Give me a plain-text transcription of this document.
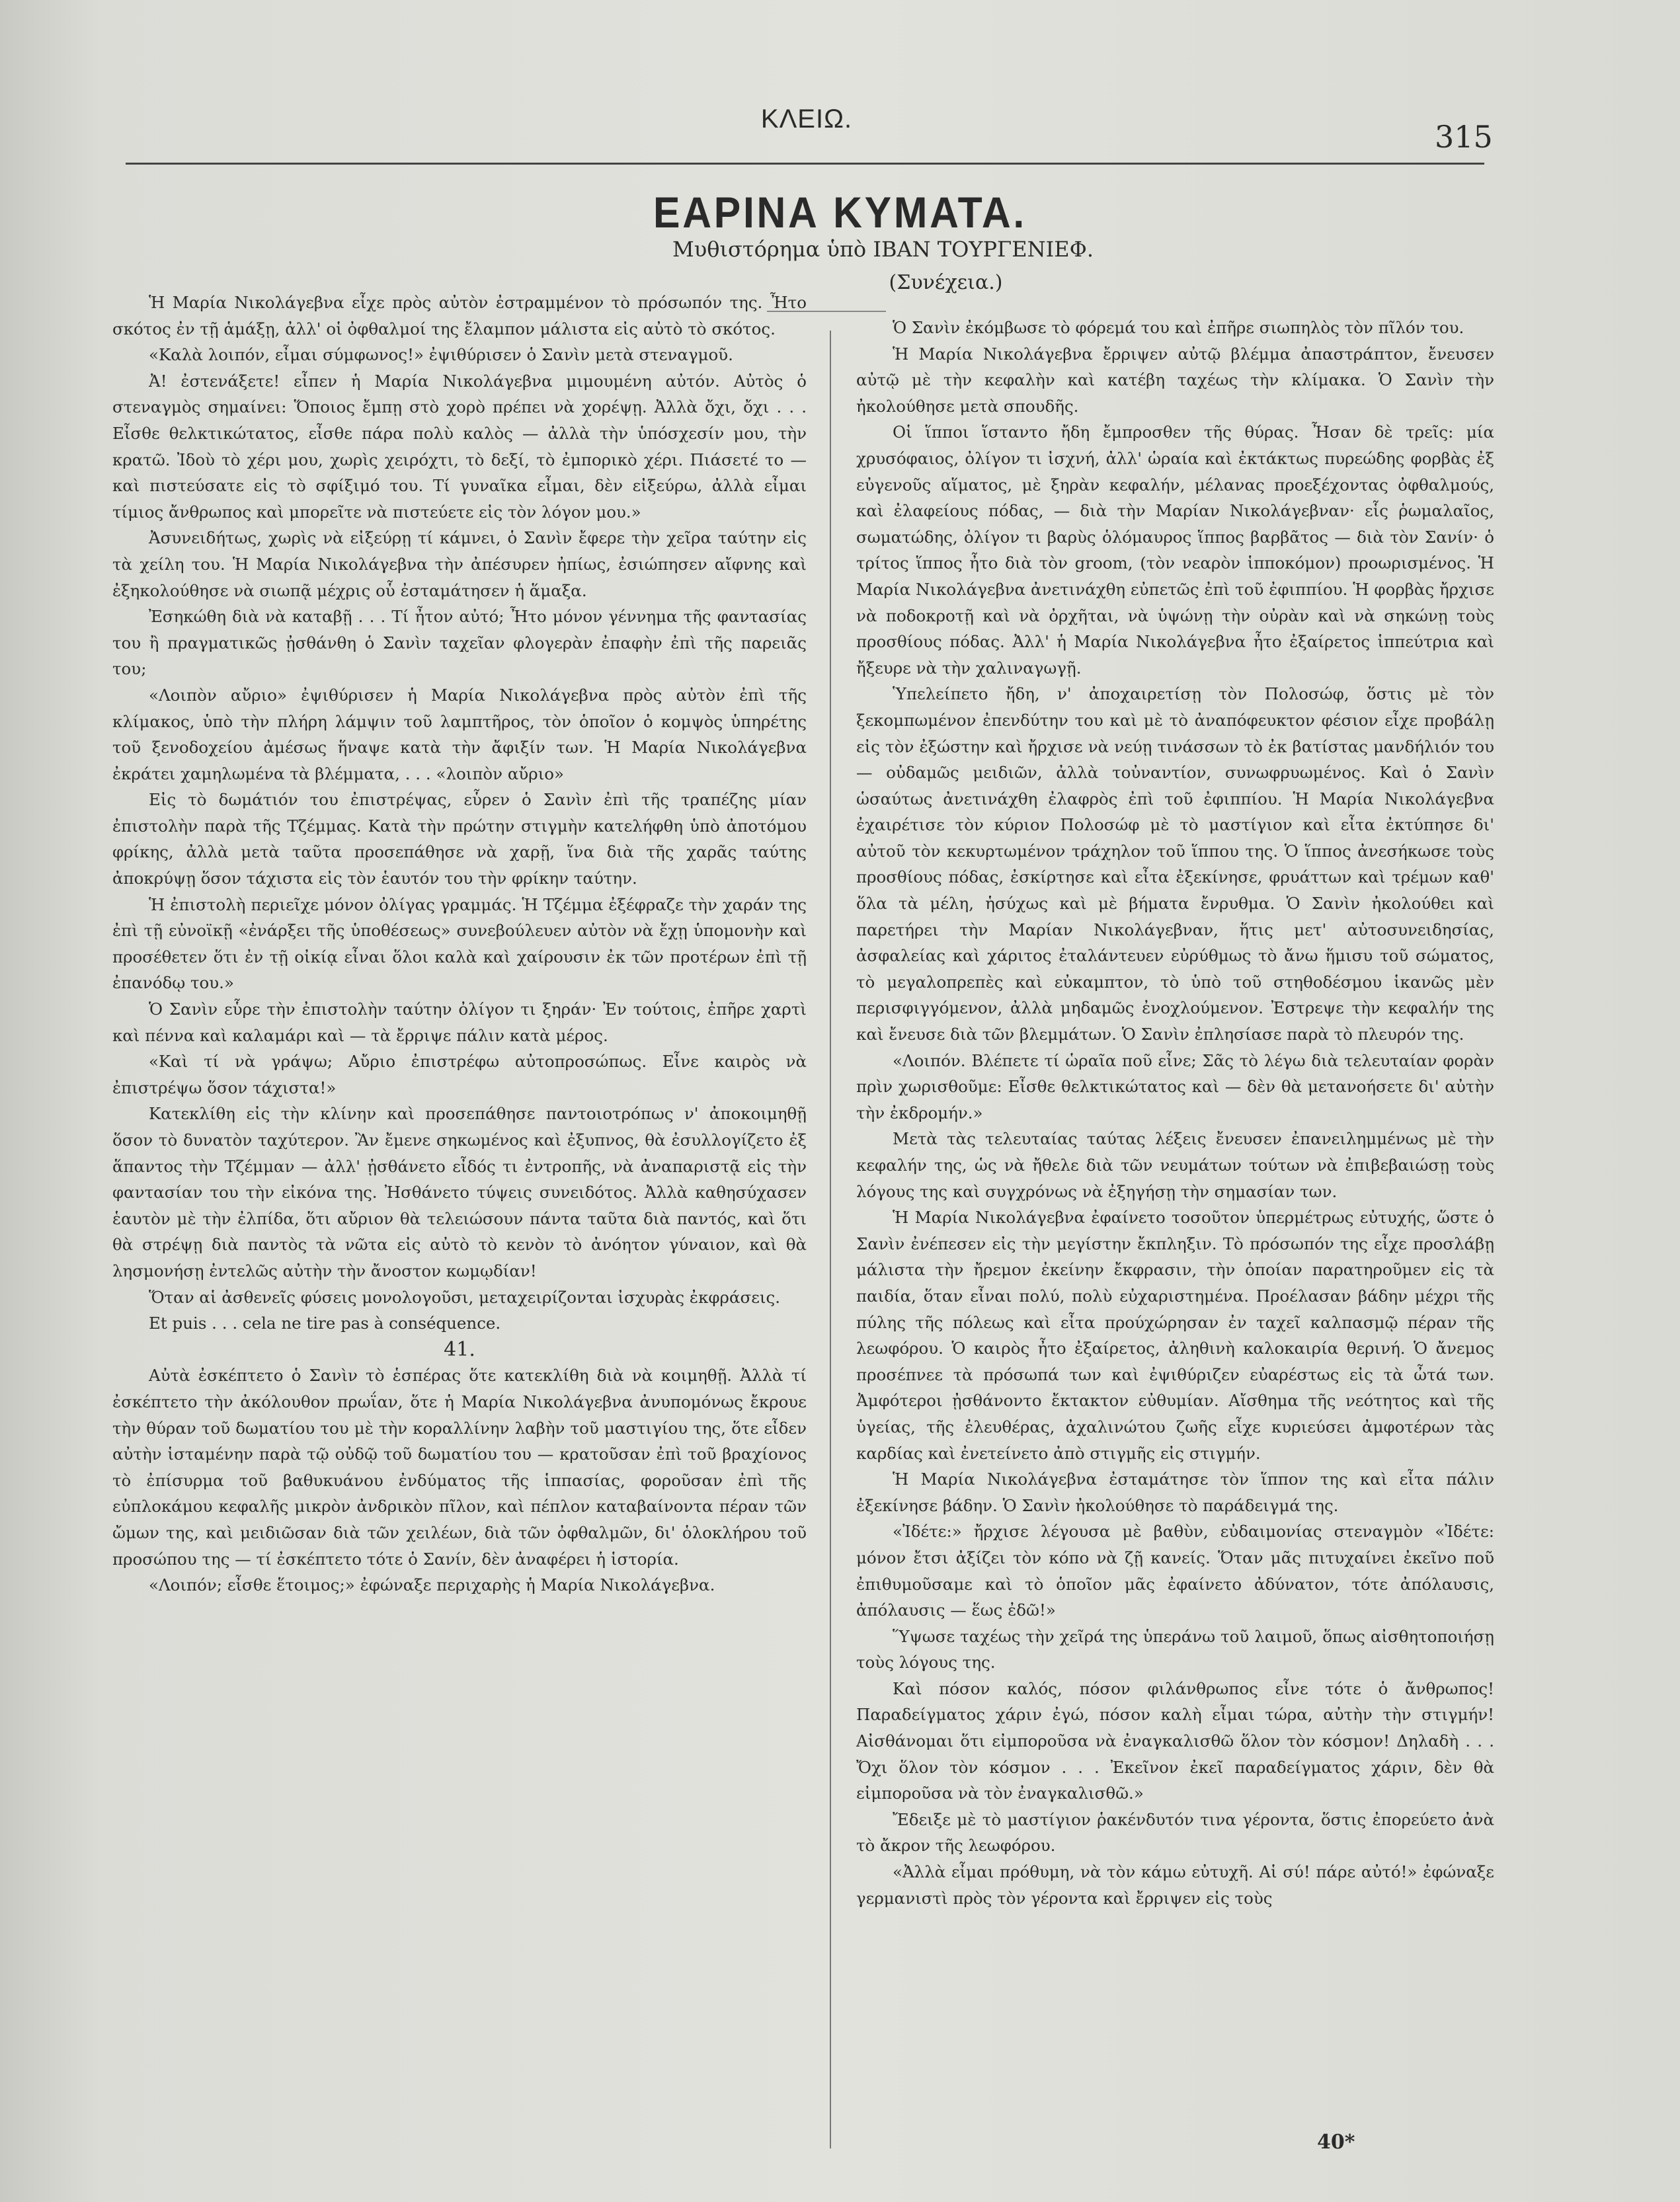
ΚΛΕΙΩ.	315
ΕΑΡΙΝΑ ΚΥΜΑΤΑ.
Μυθιστόρημα ὑπὸ ΙΒΑΝ ΤΟΥΡΓΕΝΙΕΦ.
(Συνέχεια.)

Ἡ Μαρία Νικολάγεβνα εἶχε πρὸς αὐτὸν ἐστραμμένον τὸ πρόσωπόν της. Ἦτο σκότος ἐν τῇ ἁμάξῃ, ἀλλ' οἱ ὀφθαλμοί της ἔλαμπον μάλιστα εἰς αὐτὸ τὸ σκότος.

«Καλὰ λοιπόν, εἶμαι σύμφωνος!» ἐψιθύρισεν ὁ Σανὶν μετὰ στεναγμοῦ.

Ἀ! ἐστενάξετε! εἶπεν ἡ Μαρία Νικολάγεβνα μιμουμένη αὐτόν. Αὐτὸς ὁ στεναγμὸς σημαίνει: Ὅποιος ἔμπῃ στὸ χορὸ πρέπει νὰ χορέψῃ. Ἀλλὰ ὄχι, ὄχι . . . Εἶσθε θελκτικώτατος, εἶσθε πάρα πολὺ καλὸς — ἀλλὰ τὴν ὑπόσχεσίν μου, τὴν κρατῶ. Ἰδοὺ τὸ χέρι μου, χωρὶς χειρόχτι, τὸ δεξί, τὸ ἐμπορικὸ χέρι. Πιάσετέ το — καὶ πιστεύσατε εἰς τὸ σφίξιμό του. Τί γυναῖκα εἶμαι, δὲν εἰξεύρω, ἀλλὰ εἶμαι τίμιος ἄνθρωπος καὶ μπορεῖτε νὰ πιστεύετε εἰς τὸν λόγον μου.»

Ἀσυνειδήτως, χωρὶς νὰ εἰξεύρῃ τί κάμνει, ὁ Σανὶν ἔφερε τὴν χεῖρα ταύτην εἰς τὰ χείλη του. Ἡ Μαρία Νικολάγεβνα τὴν ἀπέσυρεν ἠπίως, ἐσιώπησεν αἴφνης καὶ ἐξηκολούθησε νὰ σιωπᾷ μέχρις οὗ ἐσταμάτησεν ἡ ἅμαξα.

Ἐσηκώθη διὰ νὰ καταβῇ . . . Τί ἦτον αὐτό; Ἦτο μόνον γέννημα τῆς φαντασίας του ἢ πραγματικῶς ᾐσθάνθη ὁ Σανὶν ταχεῖαν φλογερὰν ἐπαφὴν ἐπὶ τῆς παρειᾶς του;

«Λοιπὸν αὔριο» ἐψιθύρισεν ἡ Μαρία Νικολάγεβνα πρὸς αὐτὸν ἐπὶ τῆς κλίμακος, ὑπὸ τὴν πλήρη λάμψιν τοῦ λαμπτῆρος, τὸν ὁποῖον ὁ κομψὸς ὑπηρέτης τοῦ ξενοδοχείου ἀμέσως ἥναψε κατὰ τὴν ἄφιξίν των. Ἡ Μαρία Νικολάγεβνα ἐκράτει χαμηλωμένα τὰ βλέμματα, . . . «λοιπὸν αὔριο»

Εἰς τὸ δωμάτιόν του ἐπιστρέψας, εὗρεν ὁ Σανὶν ἐπὶ τῆς τραπέζης μίαν ἐπιστολὴν παρὰ τῆς Τζέμμας. Κατὰ τὴν πρώτην στιγμὴν κατελήφθη ὑπὸ ἀποτόμου φρίκης, ἀλλὰ μετὰ ταῦτα προσεπάθησε νὰ χαρῇ, ἵνα διὰ τῆς χαρᾶς ταύτης ἀποκρύψῃ ὅσον τάχιστα εἰς τὸν ἑαυτόν του τὴν φρίκην ταύτην.

Ἡ ἐπιστολὴ περιεῖχε μόνον ὀλίγας γραμμάς. Ἡ Τζέμμα ἐξέφραζε τὴν χαράν της ἐπὶ τῇ εὐνοϊκῇ «ἐνάρξει τῆς ὑποθέσεως» συνεβούλευεν αὐτὸν νὰ ἔχῃ ὑπομονὴν καὶ προσέθετεν ὅτι ἐν τῇ οἰκίᾳ εἶναι ὅλοι καλὰ καὶ χαίρουσιν ἐκ τῶν προτέρων ἐπὶ τῇ ἐπανόδῳ του.»

Ὁ Σανὶν εὗρε τὴν ἐπιστολὴν ταύτην ὀλίγον τι ξηράν· Ἐν τούτοις, ἐπῆρε χαρτὶ καὶ πέννα καὶ καλαμάρι καὶ — τὰ ἔρριψε πάλιν κατὰ μέρος.

«Καὶ τί νὰ γράψω; Αὔριο ἐπιστρέφω αὐτοπροσώπως. Εἶνε καιρὸς νὰ ἐπιστρέψω ὅσον τάχιστα!»

Κατεκλίθη εἰς τὴν κλίνην καὶ προσεπάθησε παντοιοτρόπως ν' ἀποκοιμηθῇ ὅσον τὸ δυνατὸν ταχύτερον. Ἂν ἔμενε σηκωμένος καὶ ἐξυπνος, θὰ ἐσυλλογίζετο ἐξ ἅπαντος τὴν Τζέμμαν — ἀλλ' ᾐσθάνετο εἶδός τι ἐντροπῆς, νὰ ἀναπαριστᾷ εἰς τὴν φαντασίαν του τὴν εἰκόνα της. Ἠσθάνετο τύψεις συνειδότος. Ἀλλὰ καθησύχασεν ἑαυτὸν μὲ τὴν ἐλπίδα, ὅτι αὔριον θὰ τελειώσουν πάντα ταῦτα διὰ παντός, καὶ ὅτι θὰ στρέψῃ διὰ παντὸς τὰ νῶτα εἰς αὐτὸ τὸ κενὸν τὸ ἀνόητον γύναιον, καὶ θὰ λησμονήσῃ ἐντελῶς αὐτὴν τὴν ἄνοστον κωμῳδίαν!

Ὅταν αἱ ἀσθενεῖς φύσεις μονολογοῦσι, μεταχειρίζονται ἰσχυρὰς ἐκφράσεις.

Et puis . . . cela ne tire pas à conséquence.

41.

Αὐτὰ ἐσκέπτετο ὁ Σανὶν τὸ ἑσπέρας ὅτε κατεκλίθη διὰ νὰ κοιμηθῇ. Ἀλλὰ τί ἐσκέπτετο τὴν ἀκόλουθον πρωΐαν, ὅτε ἡ Μαρία Νικολάγεβνα ἀνυπομόνως ἔκρουε τὴν θύραν τοῦ δωματίου του μὲ τὴν κοραλλίνην λαβὴν τοῦ μαστιγίου της, ὅτε εἶδεν αὐτὴν ἱσταμένην παρὰ τῷ οὐδῷ τοῦ δωματίου του — κρατοῦσαν ἐπὶ τοῦ βραχίονος τὸ ἐπίσυρμα τοῦ βαθυκυάνου ἐνδύματος τῆς ἱππασίας, φοροῦσαν ἐπὶ τῆς εὐπλοκάμου κεφαλῆς μικρὸν ἀνδρικὸν πῖλον, καὶ πέπλον καταβαίνοντα πέραν τῶν ὤμων της, καὶ μειδιῶσαν διὰ τῶν χειλέων, διὰ τῶν ὀφθαλμῶν, δι' ὁλοκλήρου τοῦ προσώπου της — τί ἐσκέπτετο τότε ὁ Σανίν, δὲν ἀναφέρει ἡ ἱστορία.

«Λοιπόν; εἶσθε ἕτοιμος;» ἐφώναξε περιχαρὴς ἡ Μαρία Νικολάγεβνα.

Ὁ Σανὶν ἐκόμβωσε τὸ φόρεμά του καὶ ἐπῆρε σιωπηλὸς τὸν πῖλόν του.

Ἡ Μαρία Νικολάγεβνα ἔρριψεν αὐτῷ βλέμμα ἀπαστράπτον, ἔνευσεν αὐτῷ μὲ τὴν κεφαλὴν καὶ κατέβη ταχέως τὴν κλίμακα. Ὁ Σανὶν τὴν ἠκολούθησε μετὰ σπουδῆς.

Οἱ ἵπποι ἵσταντο ἤδη ἔμπροσθεν τῆς θύρας. Ἦσαν δὲ τρεῖς: μία χρυσόφαιος, ὀλίγον τι ἰσχνή, ἀλλ' ὡραία καὶ ἐκτάκτως πυρεώδης φορβὰς ἐξ εὐγενοῦς αἵματος, μὲ ξηρὰν κεφαλήν, μέλανας προεξέχοντας ὀφθαλμούς, καὶ ἐλαφείους πόδας, — διὰ τὴν Μαρίαν Νικολάγεβναν· εἷς ῥωμαλαῖος, σωματώδης, ὀλίγον τι βαρὺς ὁλόμαυρος ἵππος βαρβᾶτος — διὰ τὸν Σανίν· ὁ τρίτος ἵππος ἦτο διὰ τὸν groom, (τὸν νεαρὸν ἱπποκόμον) προωρισμένος. Ἡ Μαρία Νικολάγεβνα ἀνετινάχθη εὐπετῶς ἐπὶ τοῦ ἐφιππίου. Ἡ φορβὰς ἤρχισε νὰ ποδοκροτῇ καὶ νὰ ὀρχῆται, νὰ ὑψώνῃ τὴν οὐρὰν καὶ νὰ σηκώνῃ τοὺς προσθίους πόδας. Ἀλλ' ἡ Μαρία Νικολάγεβνα ἦτο ἐξαίρετος ἱππεύτρια καὶ ἤξευρε νὰ τὴν χαλιναγωγῇ.

Ὑπελείπετο ἤδη, ν' ἀποχαιρετίσῃ τὸν Πολοσώφ, ὅστις μὲ τὸν ξεκομπωμένον ἐπενδύτην του καὶ μὲ τὸ ἀναπόφευκτον φέσιον εἶχε προβάλῃ εἰς τὸν ἐξώστην καὶ ἤρχισε νὰ νεύῃ τινάσσων τὸ ἐκ βατίστας μανδήλιόν του — οὐδαμῶς μειδιῶν, ἀλλὰ τοὐναντίον, συνωφρυωμένος. Καὶ ὁ Σανὶν ὡσαύτως ἀνετινάχθη ἐλαφρὸς ἐπὶ τοῦ ἐφιππίου. Ἡ Μαρία Νικολάγεβνα ἐχαιρέτισε τὸν κύριον Πολοσώφ μὲ τὸ μαστίγιον καὶ εἶτα ἐκτύπησε δι' αὐτοῦ τὸν κεκυρτωμένον τράχηλον τοῦ ἵππου της. Ὁ ἵππος ἀνεσήκωσε τοὺς προσθίους πόδας, ἐσκίρτησε καὶ εἶτα ἐξεκίνησε, φρυάττων καὶ τρέμων καθ' ὅλα τὰ μέλη, ἡσύχως καὶ μὲ βήματα ἔνρυθμα. Ὁ Σανὶν ἠκολούθει καὶ παρετήρει τὴν Μαρίαν Νικολάγεβναν, ἥτις μετ' αὐτοσυνειδησίας, ἀσφαλείας καὶ χάριτος ἐταλάντευεν εὐρύθμως τὸ ἄνω ἥμισυ τοῦ σώματος, τὸ μεγαλοπρεπὲς καὶ εὐκαμπτον, τὸ ὑπὸ τοῦ στηθοδέσμου ἱκανῶς μὲν περισφιγγόμενον, ἀλλὰ μηδαμῶς ἐνοχλούμενον. Ἐστρεψε τὴν κεφαλήν της καὶ ἔνευσε διὰ τῶν βλεμμάτων. Ὁ Σανὶν ἐπλησίασε παρὰ τὸ πλευρόν της.

«Λοιπόν. Βλέπετε τί ὡραῖα ποῦ εἶνε; Σᾶς τὸ λέγω διὰ τελευταίαν φορὰν πρὶν χωρισθοῦμε: Εἶσθε θελκτικώτατος καὶ — δὲν θὰ μετανοήσετε δι' αὐτὴν τὴν ἐκδρομήν.»

Μετὰ τὰς τελευταίας ταύτας λέξεις ἔνευσεν ἐπανειλημμένως μὲ τὴν κεφαλήν της, ὡς νὰ ἤθελε διὰ τῶν νευμάτων τούτων νὰ ἐπιβεβαιώσῃ τοὺς λόγους της καὶ συγχρόνως νὰ ἐξηγήσῃ τὴν σημασίαν των.

Ἡ Μαρία Νικολάγεβνα ἐφαίνετο τοσοῦτον ὑπερμέτρως εὐτυχής, ὥστε ὁ Σανὶν ἐνέπεσεν εἰς τὴν μεγίστην ἔκπληξιν. Τὸ πρόσωπόν της εἶχε προσλάβῃ μάλιστα τὴν ἤρεμον ἐκείνην ἔκφρασιν, τὴν ὁποίαν παρατηροῦμεν εἰς τὰ παιδία, ὅταν εἶναι πολύ, πολὺ εὐχαριστημένα. Προέλασαν βάδην μέχρι τῆς πύλης τῆς πόλεως καὶ εἶτα προύχώρησαν ἐν ταχεῖ καλπασμῷ πέραν τῆς λεωφόρου. Ὁ καιρὸς ἦτο ἐξαίρετος, ἀληθινὴ καλοκαιρία θερινή. Ὁ ἄνεμος προσέπνεε τὰ πρόσωπά των καὶ ἐψιθύριζεν εὐαρέστως εἰς τὰ ὦτά των. Ἀμφότεροι ᾐσθάνοντο ἔκτακτον εὐθυμίαν. Αἴσθημα τῆς νεότητος καὶ τῆς ὑγείας, τῆς ἐλευθέρας, ἀχαλινώτου ζωῆς εἶχε κυριεύσει ἀμφοτέρων τὰς καρδίας καὶ ἐνετείνετο ἀπὸ στιγμῆς εἰς στιγμήν.

Ἡ Μαρία Νικολάγεβνα ἐσταμάτησε τὸν ἵππον της καὶ εἶτα πάλιν ἐξεκίνησε βάδην. Ὁ Σανὶν ἠκολούθησε τὸ παράδειγμά της.

«Ἰδέτε:» ἤρχισε λέγουσα μὲ βαθὺν, εὐδαιμονίας στεναγμὸν «Ἰδέτε: μόνον ἔτσι ἀξίζει τὸν κόπο νὰ ζῇ κανείς. Ὅταν μᾶς πιτυχαίνει ἐκεῖνο ποῦ ἐπιθυμοῦσαμε καὶ τὸ ὁποῖον μᾶς ἐφαίνετο ἀδύνατον, τότε ἀπόλαυσις, ἀπόλαυσις — ἕως ἐδῶ!»

Ὕψωσε ταχέως τὴν χεῖρά της ὑπεράνω τοῦ λαιμοῦ, ὅπως αἰσθητοποιήσῃ τοὺς λόγους της.

Καὶ πόσον καλός, πόσον φιλάνθρωπος εἶνε τότε ὁ ἄνθρωπος! Παραδείγματος χάριν ἐγώ, πόσον καλὴ εἶμαι τώρα, αὐτὴν τὴν στιγμήν! Αἰσθάνομαι ὅτι εἰμποροῦσα νὰ ἐναγκαλισθῶ ὅλον τὸν κόσμον! Δηλαδὴ . . . Ὄχι ὅλον τὸν κόσμον . . . Ἐκεῖνον ἐκεῖ παραδείγματος χάριν, δὲν θὰ εἰμποροῦσα νὰ τὸν ἐναγκαλισθῶ.»

Ἔδειξε μὲ τὸ μαστίγιον ῥακένδυτόν τινα γέροντα, ὅστις ἐπορεύετο ἀνὰ τὸ ἄκρον τῆς λεωφόρου.

«Ἀλλὰ εἶμαι πρόθυμη, νὰ τὸν κάμω εὐτυχῆ. Αἱ σύ! πάρε αὐτό!» ἐφώναξε γερμανιστὶ πρὸς τὸν γέροντα καὶ ἔρριψεν εἰς τοὺς

40*
